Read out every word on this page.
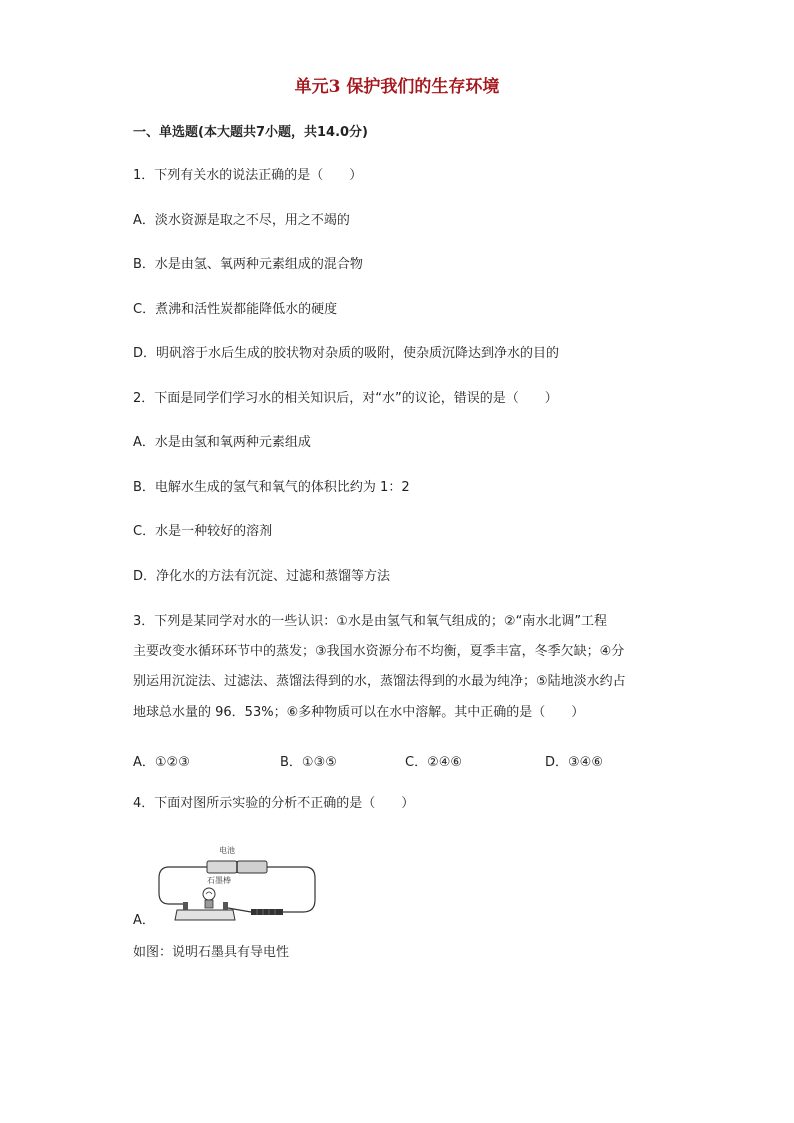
单元3 保护我们的生存环境
一、单选题(本大题共7小题，共14.0分)
1．下列有关水的说法正确的是（　　）
A．淡水资源是取之不尽，用之不竭的
B．水是由氢、氧两种元素组成的混合物
C．煮沸和活性炭都能降低水的硬度
D．明矾溶于水后生成的胶状物对杂质的吸附，使杂质沉降达到净水的目的
2．下面是同学们学习水的相关知识后，对“水”的议论，错误的是（　　）
A．水是由氢和氧两种元素组成
B．电解水生成的氢气和氧气的体积比约为 1：2
C．水是一种较好的溶剂
D．净化水的方法有沉淀、过滤和蒸馏等方法
3．下列是某同学对水的一些认识：①水是由氢气和氧气组成的；②“南水北调”工程
主要改变水循环环节中的蒸发；③我国水资源分布不均衡，夏季丰富，冬季欠缺；④分
别运用沉淀法、过滤法、蒸馏法得到的水，蒸馏法得到的水最为纯净；⑤陆地淡水约占
地球总水量的 96．53%；⑥多种物质可以在水中溶解。其中正确的是（　　）
A．①②③	B．①③⑤	C．②④⑥	D．③④⑥
4．下面对图所示实验的分析不正确的是（　　）
电池
石墨棒
A．
如图：说明石墨具有导电性
